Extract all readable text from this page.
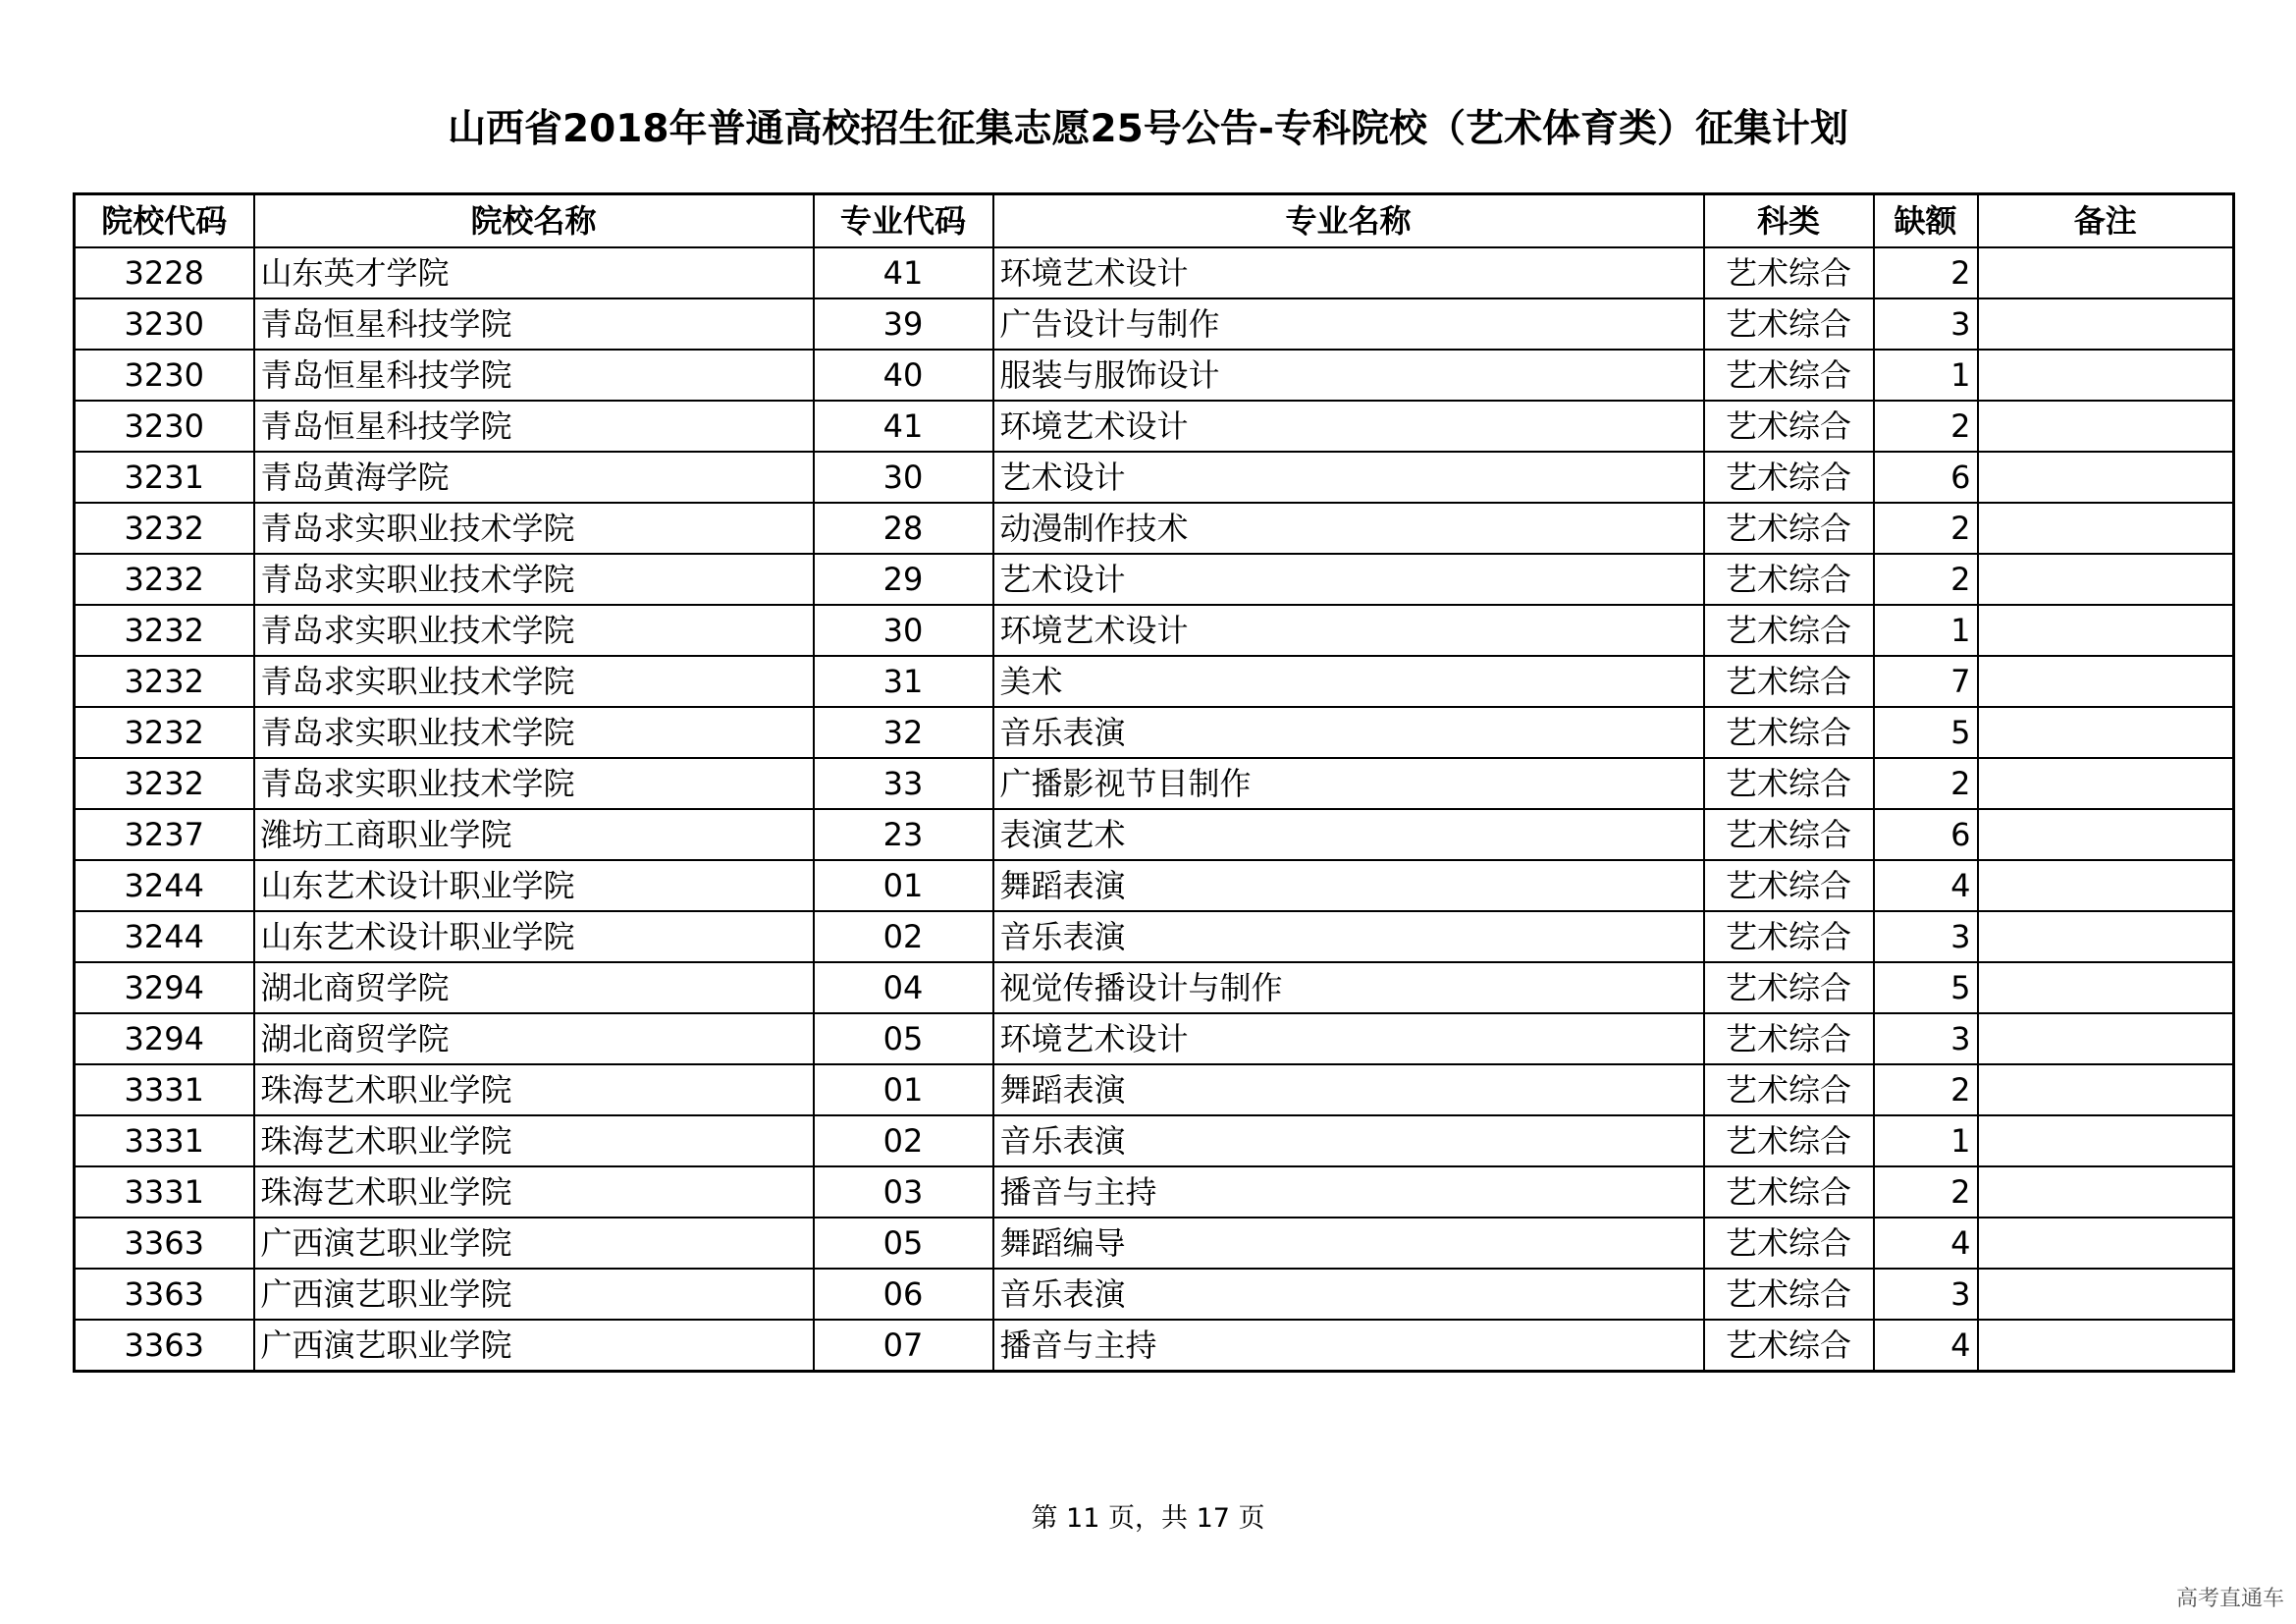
山西省2018年普通高校招生征集志愿25号公告-专科院校（艺术体育类）征集计划
院校代码	院校名称	专业代码	专业名称	科类	缺额	备注
3228	山东英才学院	41	环境艺术设计	艺术综合	2	
3230	青岛恒星科技学院	39	广告设计与制作	艺术综合	3	
3230	青岛恒星科技学院	40	服装与服饰设计	艺术综合	1	
3230	青岛恒星科技学院	41	环境艺术设计	艺术综合	2	
3231	青岛黄海学院	30	艺术设计	艺术综合	6	
3232	青岛求实职业技术学院	28	动漫制作技术	艺术综合	2	
3232	青岛求实职业技术学院	29	艺术设计	艺术综合	2	
3232	青岛求实职业技术学院	30	环境艺术设计	艺术综合	1	
3232	青岛求实职业技术学院	31	美术	艺术综合	7	
3232	青岛求实职业技术学院	32	音乐表演	艺术综合	5	
3232	青岛求实职业技术学院	33	广播影视节目制作	艺术综合	2	
3237	潍坊工商职业学院	23	表演艺术	艺术综合	6	
3244	山东艺术设计职业学院	01	舞蹈表演	艺术综合	4	
3244	山东艺术设计职业学院	02	音乐表演	艺术综合	3	
3294	湖北商贸学院	04	视觉传播设计与制作	艺术综合	5	
3294	湖北商贸学院	05	环境艺术设计	艺术综合	3	
3331	珠海艺术职业学院	01	舞蹈表演	艺术综合	2	
3331	珠海艺术职业学院	02	音乐表演	艺术综合	1	
3331	珠海艺术职业学院	03	播音与主持	艺术综合	2	
3363	广西演艺职业学院	05	舞蹈编导	艺术综合	4	
3363	广西演艺职业学院	06	音乐表演	艺术综合	3	
3363	广西演艺职业学院	07	播音与主持	艺术综合	4	
第 11 页，共 17 页
高考直通车
